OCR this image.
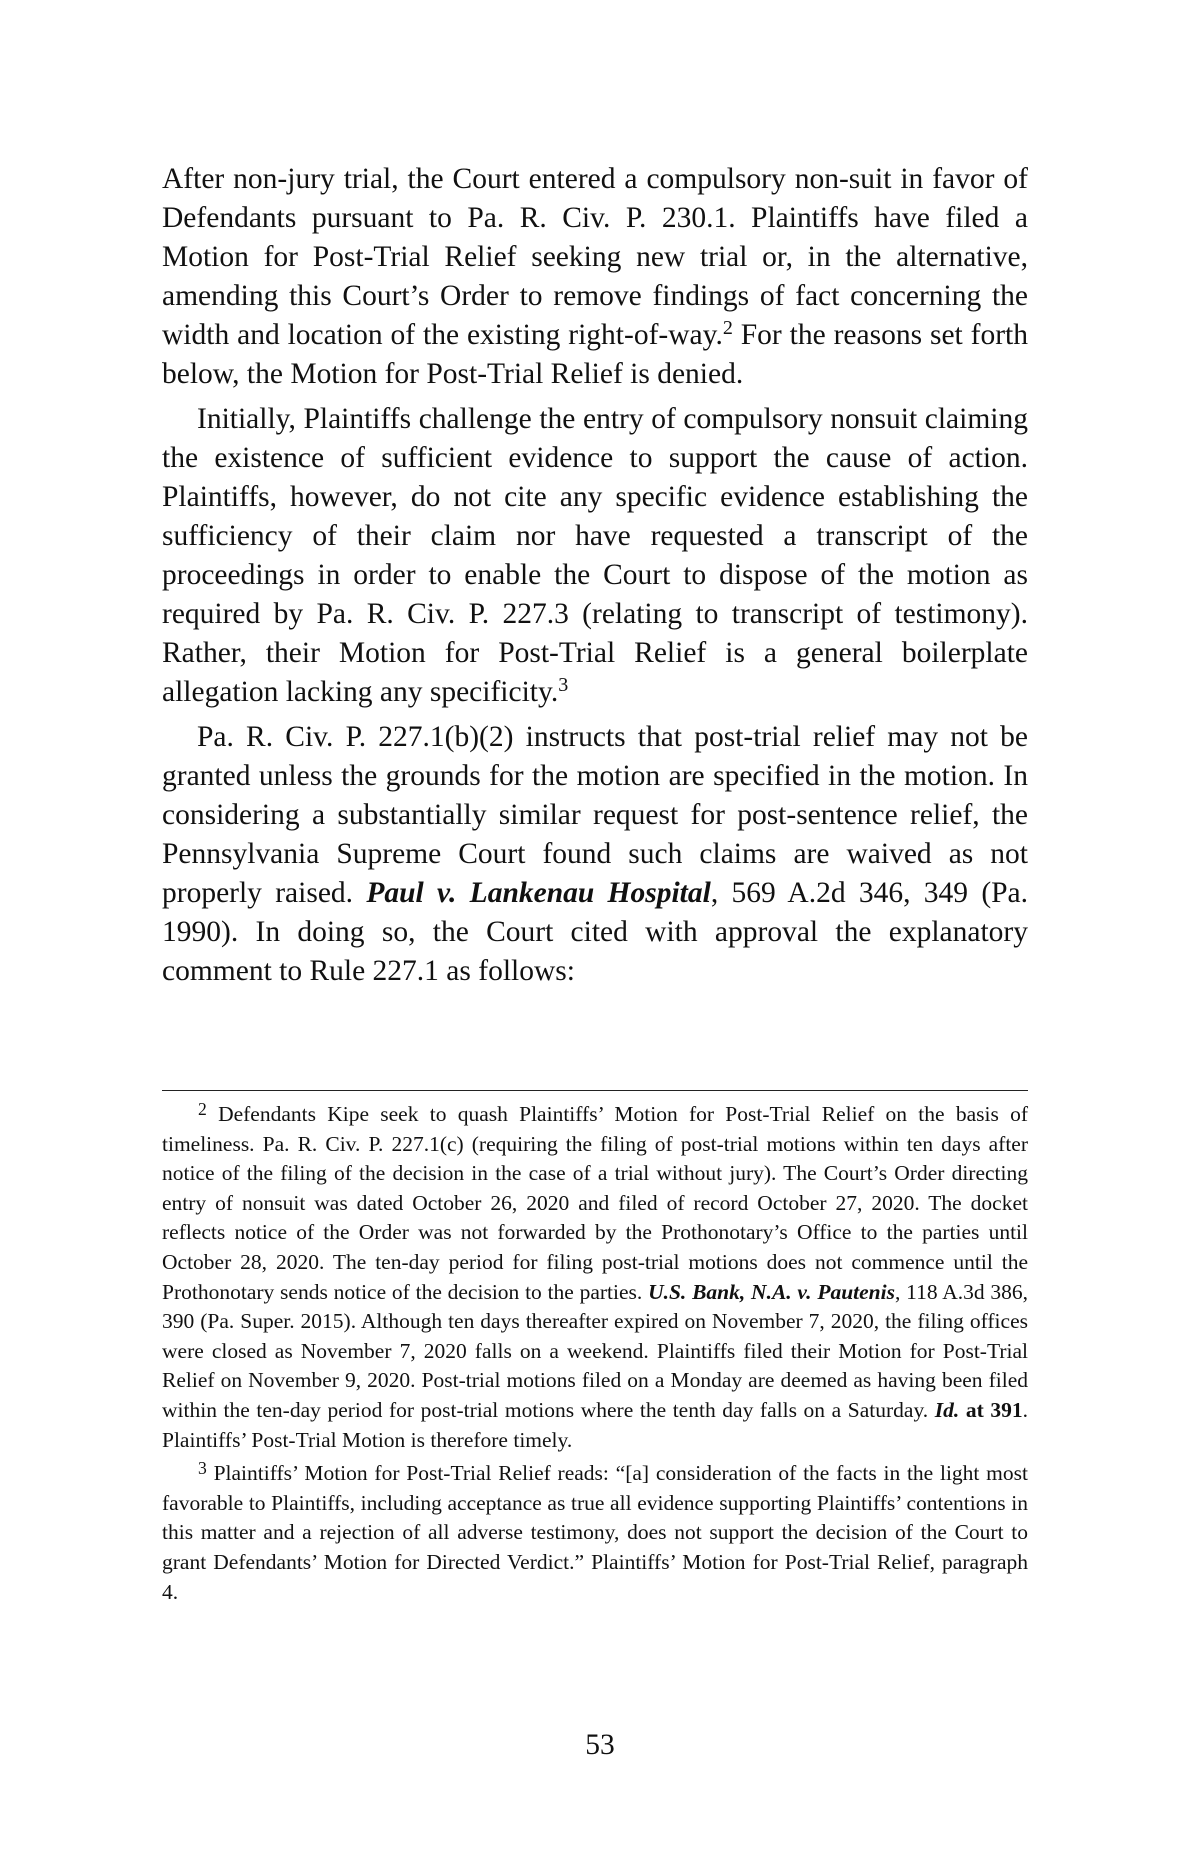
After non-jury trial, the Court entered a compulsory non-suit in favor of Defendants pursuant to Pa. R. Civ. P. 230.1. Plaintiffs have filed a Motion for Post-Trial Relief seeking new trial or, in the alternative, amending this Court’s Order to remove findings of fact concerning the width and location of the existing right-of-way.$^2$ For the reasons set forth below, the Motion for Post-Trial Relief is denied.

Initially, Plaintiffs challenge the entry of compulsory nonsuit claiming the existence of sufficient evidence to support the cause of action. Plaintiffs, however, do not cite any specific evidence establishing the sufficiency of their claim nor have requested a transcript of the proceedings in order to enable the Court to dispose of the motion as required by Pa. R. Civ. P. 227.3 (relating to transcript of testimony). Rather, their Motion for Post-Trial Relief is a general boilerplate allegation lacking any specificity.$^3$

Pa. R. Civ. P. 227.1(b)(2) instructs that post-trial relief may not be granted unless the grounds for the motion are specified in the motion. In considering a substantially similar request for post-sentence relief, the Pennsylvania Supreme Court found such claims are waived as not properly raised. Paul v. Lankenau Hospital, 569 A.2d 346, 349 (Pa. 1990). In doing so, the Court cited with approval the explanatory comment to Rule 227.1 as follows:

$^2$ Defendants Kipe seek to quash Plaintiffs’ Motion for Post-Trial Relief on the basis of timeliness. Pa. R. Civ. P. 227.1(c) (requiring the filing of post-trial motions within ten days after notice of the filing of the decision in the case of a trial without jury). The Court’s Order directing entry of nonsuit was dated October 26, 2020 and filed of record October 27, 2020. The docket reflects notice of the Order was not forwarded by the Prothonotary’s Office to the parties until October 28, 2020. The ten-day period for filing post-trial motions does not commence until the Prothonotary sends notice of the decision to the parties. U.S. Bank, N.A. v. Pautenis, 118 A.3d 386, 390 (Pa. Super. 2015). Although ten days thereafter expired on November 7, 2020, the filing offices were closed as November 7, 2020 falls on a weekend. Plaintiffs filed their Motion for Post-Trial Relief on November 9, 2020. Post-trial motions filed on a Monday are deemed as having been filed within the ten-day period for post-trial motions where the tenth day falls on a Saturday. Id. at 391. Plaintiffs’ Post-Trial Motion is therefore timely.

$^3$ Plaintiffs’ Motion for Post-Trial Relief reads: “[a] consideration of the facts in the light most favorable to Plaintiffs, including acceptance as true all evidence supporting Plaintiffs’ contentions in this matter and a rejection of all adverse testimony, does not support the decision of the Court to grant Defendants’ Motion for Directed Verdict.” Plaintiffs’ Motion for Post-Trial Relief, paragraph 4.

53
